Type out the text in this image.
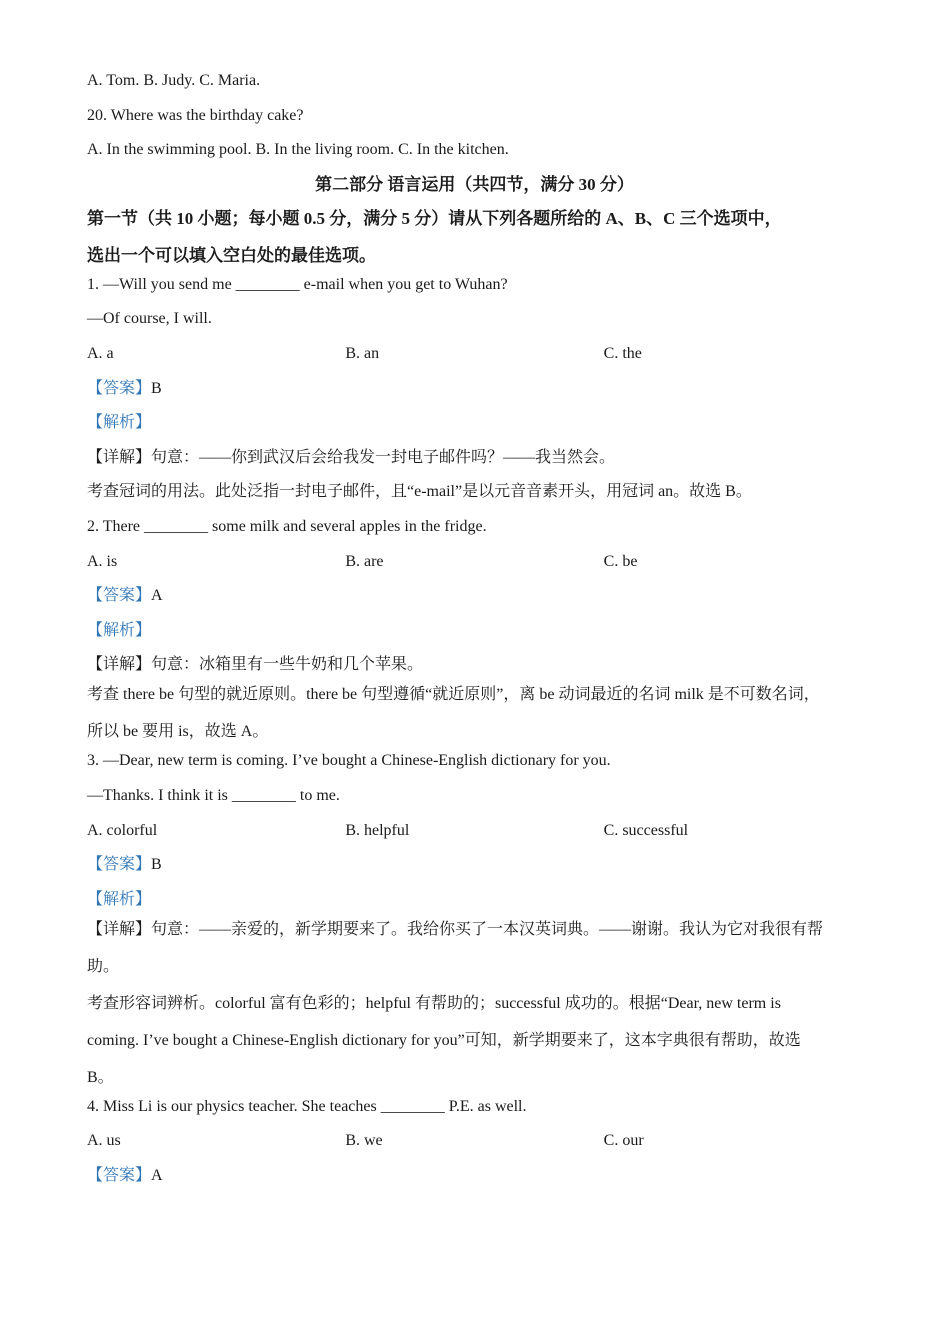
A. Tom. B. Judy. C. Maria.

20. Where was the birthday cake?

A. In the swimming pool. B. In the living room. C. In the kitchen.

第二部分 语言运用（共四节，满分 30 分）

第一节（共 10 小题；每小题 0.5 分，满分 5 分）请从下列各题所给的 A、B、C 三个选项中，
选出一个可以填入空白处的最佳选项。

1. —Will you send me ________ e-mail when you get to Wuhan?

—Of course, I will.

A. a	B. an	C. the

【答案】B

【解析】

【详解】句意：——你到武汉后会给我发一封电子邮件吗？——我当然会。

考查冠词的用法。此处泛指一封电子邮件，且“e-mail”是以元音音素开头，用冠词 an。故选 B。

2. There ________ some milk and several apples in the fridge.

A. is	B. are	C. be

【答案】A

【解析】

【详解】句意：冰箱里有一些牛奶和几个苹果。

考查 there be 句型的就近原则。there be 句型遵循“就近原则”，离 be 动词最近的名词 milk 是不可数名词，
所以 be 要用 is，故选 A。

3. —Dear, new term is coming. I’ve bought a Chinese-English dictionary for you.

—Thanks. I think it is ________ to me.

A. colorful	B. helpful	C. successful

【答案】B

【解析】

【详解】句意：——亲爱的，新学期要来了。我给你买了一本汉英词典。——谢谢。我认为它对我很有帮
助。

考查形容词辨析。colorful 富有色彩的；helpful 有帮助的；successful 成功的。根据“Dear, new term is
coming. I’ve bought a Chinese-English dictionary for you”可知，新学期要来了，这本字典很有帮助，故选
B。

4. Miss Li is our physics teacher. She teaches ________ P.E. as well.

A. us	B. we	C. our

【答案】A
